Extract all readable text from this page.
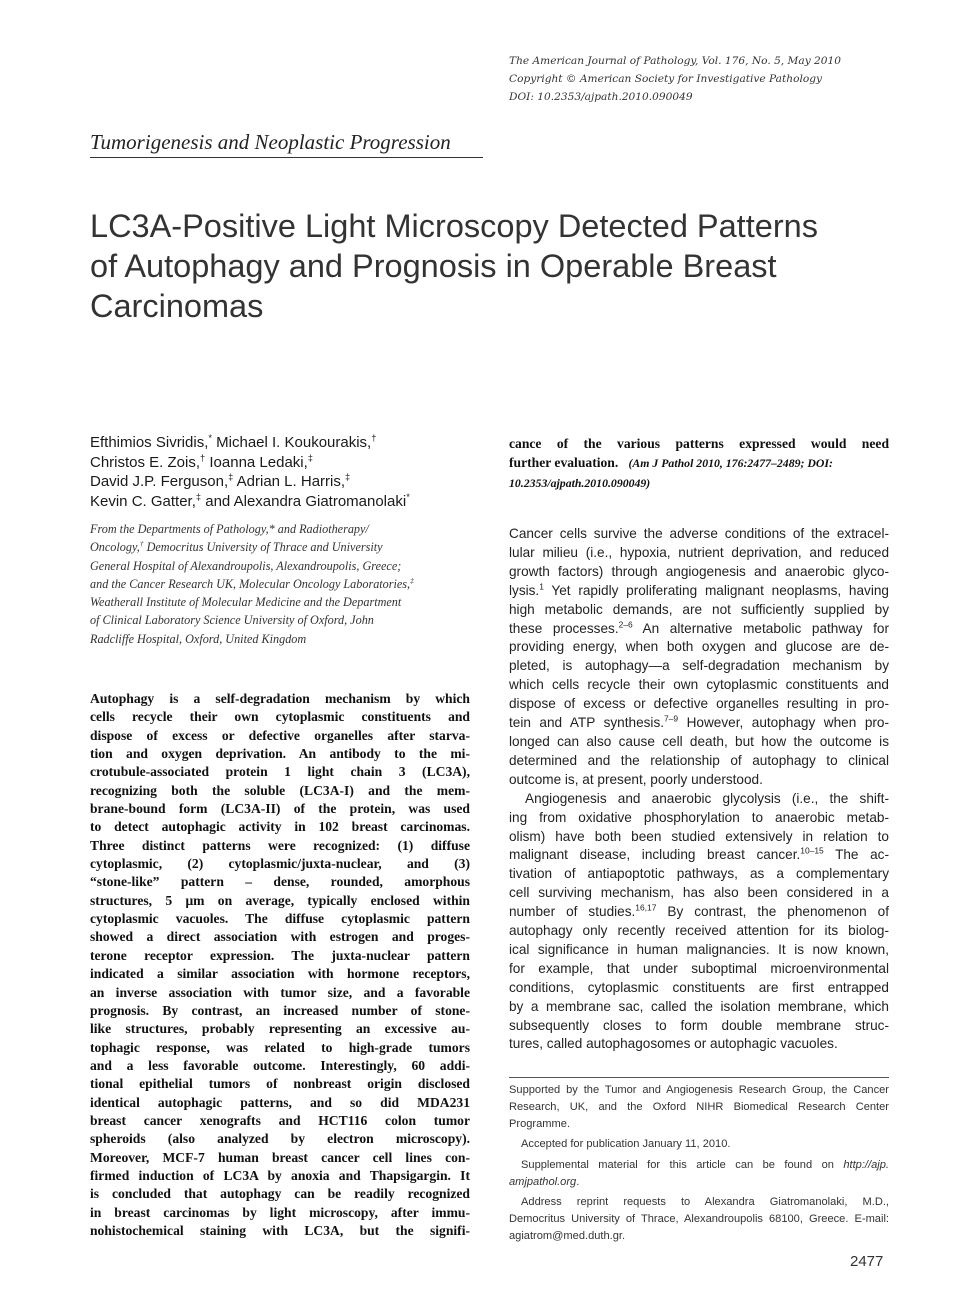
The American Journal of Pathology, Vol. 176, No. 5, May 2010
Copyright © American Society for Investigative Pathology
DOI: 10.2353/ajpath.2010.090049
Tumorigenesis and Neoplastic Progression
LC3A-Positive Light Microscopy Detected Patterns
of Autophagy and Prognosis in Operable Breast
Carcinomas
Efthimios Sivridis,* Michael I. Koukourakis,†
Christos E. Zois,† Ioanna Ledaki,‡
David J.P. Ferguson,‡ Adrian L. Harris,‡
Kevin C. Gatter,‡ and Alexandra Giatromanolaki*
From the Departments of Pathology,* and Radiotherapy/
Oncology,† Democritus University of Thrace and University
General Hospital of Alexandroupolis, Alexandroupolis, Greece;
and the Cancer Research UK, Molecular Oncology Laboratories,‡
Weatherall Institute of Molecular Medicine and the Department
of Clinical Laboratory Science University of Oxford, John
Radcliffe Hospital, Oxford, United Kingdom
Autophagy is a self-degradation mechanism by which
cells recycle their own cytoplasmic constituents and
dispose of excess or defective organelles after starva-
tion and oxygen deprivation. An antibody to the mi-
crotubule-associated protein 1 light chain 3 (LC3A),
recognizing both the soluble (LC3A-I) and the mem-
brane-bound form (LC3A-II) of the protein, was used
to detect autophagic activity in 102 breast carcinomas.
Three distinct patterns were recognized: (1) diffuse
cytoplasmic, (2) cytoplasmic/juxta-nuclear, and (3)
“stone-like” pattern – dense, rounded, amorphous
structures, 5 μm on average, typically enclosed within
cytoplasmic vacuoles. The diffuse cytoplasmic pattern
showed a direct association with estrogen and proges-
terone receptor expression. The juxta-nuclear pattern
indicated a similar association with hormone receptors,
an inverse association with tumor size, and a favorable
prognosis. By contrast, an increased number of stone-
like structures, probably representing an excessive au-
tophagic response, was related to high-grade tumors
and a less favorable outcome. Interestingly, 60 addi-
tional epithelial tumors of nonbreast origin disclosed
identical autophagic patterns, and so did MDA231
breast cancer xenografts and HCT116 colon tumor
spheroids (also analyzed by electron microscopy).
Moreover, MCF-7 human breast cancer cell lines con-
firmed induction of LC3A by anoxia and Thapsigargin. It
is concluded that autophagy can be readily recognized
in breast carcinomas by light microscopy, after immu-
nohistochemical staining with LC3A, but the signifi-
cance of the various patterns expressed would need
further evaluation. (Am J Pathol 2010, 176:2477–2489; DOI:
10.2353/ajpath.2010.090049)
Cancer cells survive the adverse conditions of the extracel-
lular milieu (i.e., hypoxia, nutrient deprivation, and reduced
growth factors) through angiogenesis and anaerobic glyco-
lysis.$^1$ Yet rapidly proliferating malignant neoplasms, having
high metabolic demands, are not sufficiently supplied by
these processes.$^{2-6}$ An alternative metabolic pathway for
providing energy, when both oxygen and glucose are de-
pleted, is autophagy—a self-degradation mechanism by
which cells recycle their own cytoplasmic constituents and
dispose of excess or defective organelles resulting in pro-
tein and ATP synthesis.$^{7-9}$ However, autophagy when pro-
longed can also cause cell death, but how the outcome is
determined and the relationship of autophagy to clinical
outcome is, at present, poorly understood.
Angiogenesis and anaerobic glycolysis (i.e., the shift-
ing from oxidative phosphorylation to anaerobic metab-
olism) have both been studied extensively in relation to
malignant disease, including breast cancer.$^{10-15}$ The ac-
tivation of antiapoptotic pathways, as a complementary
cell surviving mechanism, has also been considered in a
number of studies.$^{16,17}$ By contrast, the phenomenon of
autophagy only recently received attention for its biolog-
ical significance in human malignancies. It is now known,
for example, that under suboptimal microenvironmental
conditions, cytoplasmic constituents are first entrapped
by a membrane sac, called the isolation membrane, which
subsequently closes to form double membrane struc-
tures, called autophagosomes or autophagic vacuoles.
Supported by the Tumor and Angiogenesis Research Group, the Cancer
Research, UK, and the Oxford NIHR Biomedical Research Center
Programme.
Accepted for publication January 11, 2010.
Supplemental material for this article can be found on http://ajp.
amjpathol.org.
Address reprint requests to Alexandra Giatromanolaki, M.D.,
Democritus University of Thrace, Alexandroupolis 68100, Greece. E-mail:
agiatrom@med.duth.gr.
2477
